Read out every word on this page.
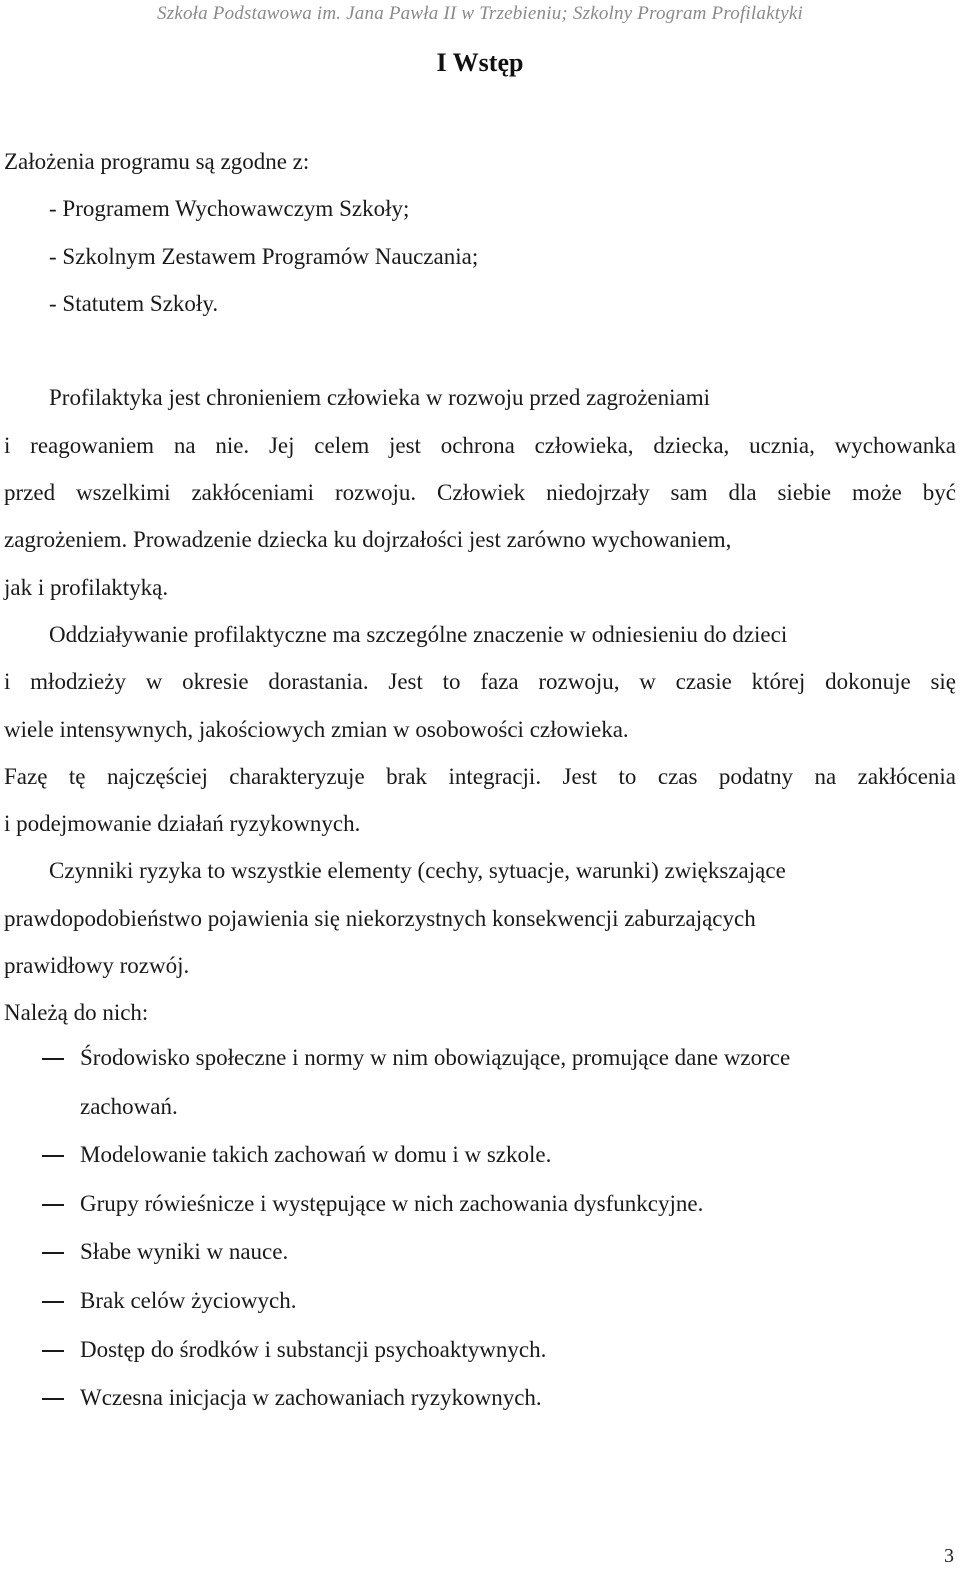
Szkoła Podstawowa im. Jana Pawła II w Trzebieniu; Szkolny Program Profilaktyki
I Wstęp
Założenia programu są zgodne z:
- Programem Wychowawczym Szkoły;
- Szkolnym Zestawem Programów Nauczania;
- Statutem Szkoły.
Profilaktyka jest chronieniem człowieka w rozwoju przed zagrożeniami
i reagowaniem na nie. Jej celem jest ochrona człowieka, dziecka, ucznia, wychowanka
przed wszelkimi zakłóceniami rozwoju. Człowiek niedojrzały sam dla siebie może być
zagrożeniem. Prowadzenie dziecka ku dojrzałości jest zarówno wychowaniem,
jak i profilaktyką.
Oddziaływanie profilaktyczne ma szczególne znaczenie w odniesieniu do dzieci
i młodzieży w okresie dorastania. Jest to faza rozwoju, w czasie której dokonuje się
wiele intensywnych, jakościowych zmian w osobowości człowieka.
Fazę tę najczęściej charakteryzuje brak integracji. Jest to czas podatny na zakłócenia
i podejmowanie działań ryzykownych.
Czynniki ryzyka to wszystkie elementy (cechy, sytuacje, warunki) zwiększające
prawdopodobieństwo pojawienia się niekorzystnych konsekwencji zaburzających
prawidłowy rozwój.
Należą do nich:
Środowisko społeczne i normy w nim obowiązujące, promujące dane wzorce
zachowań.
Modelowanie takich zachowań w domu i w szkole.
Grupy rówieśnicze i występujące w nich zachowania dysfunkcyjne.
Słabe wyniki w nauce.
Brak celów życiowych.
Dostęp do środków i substancji psychoaktywnych.
Wczesna inicjacja w zachowaniach ryzykownych.
3
